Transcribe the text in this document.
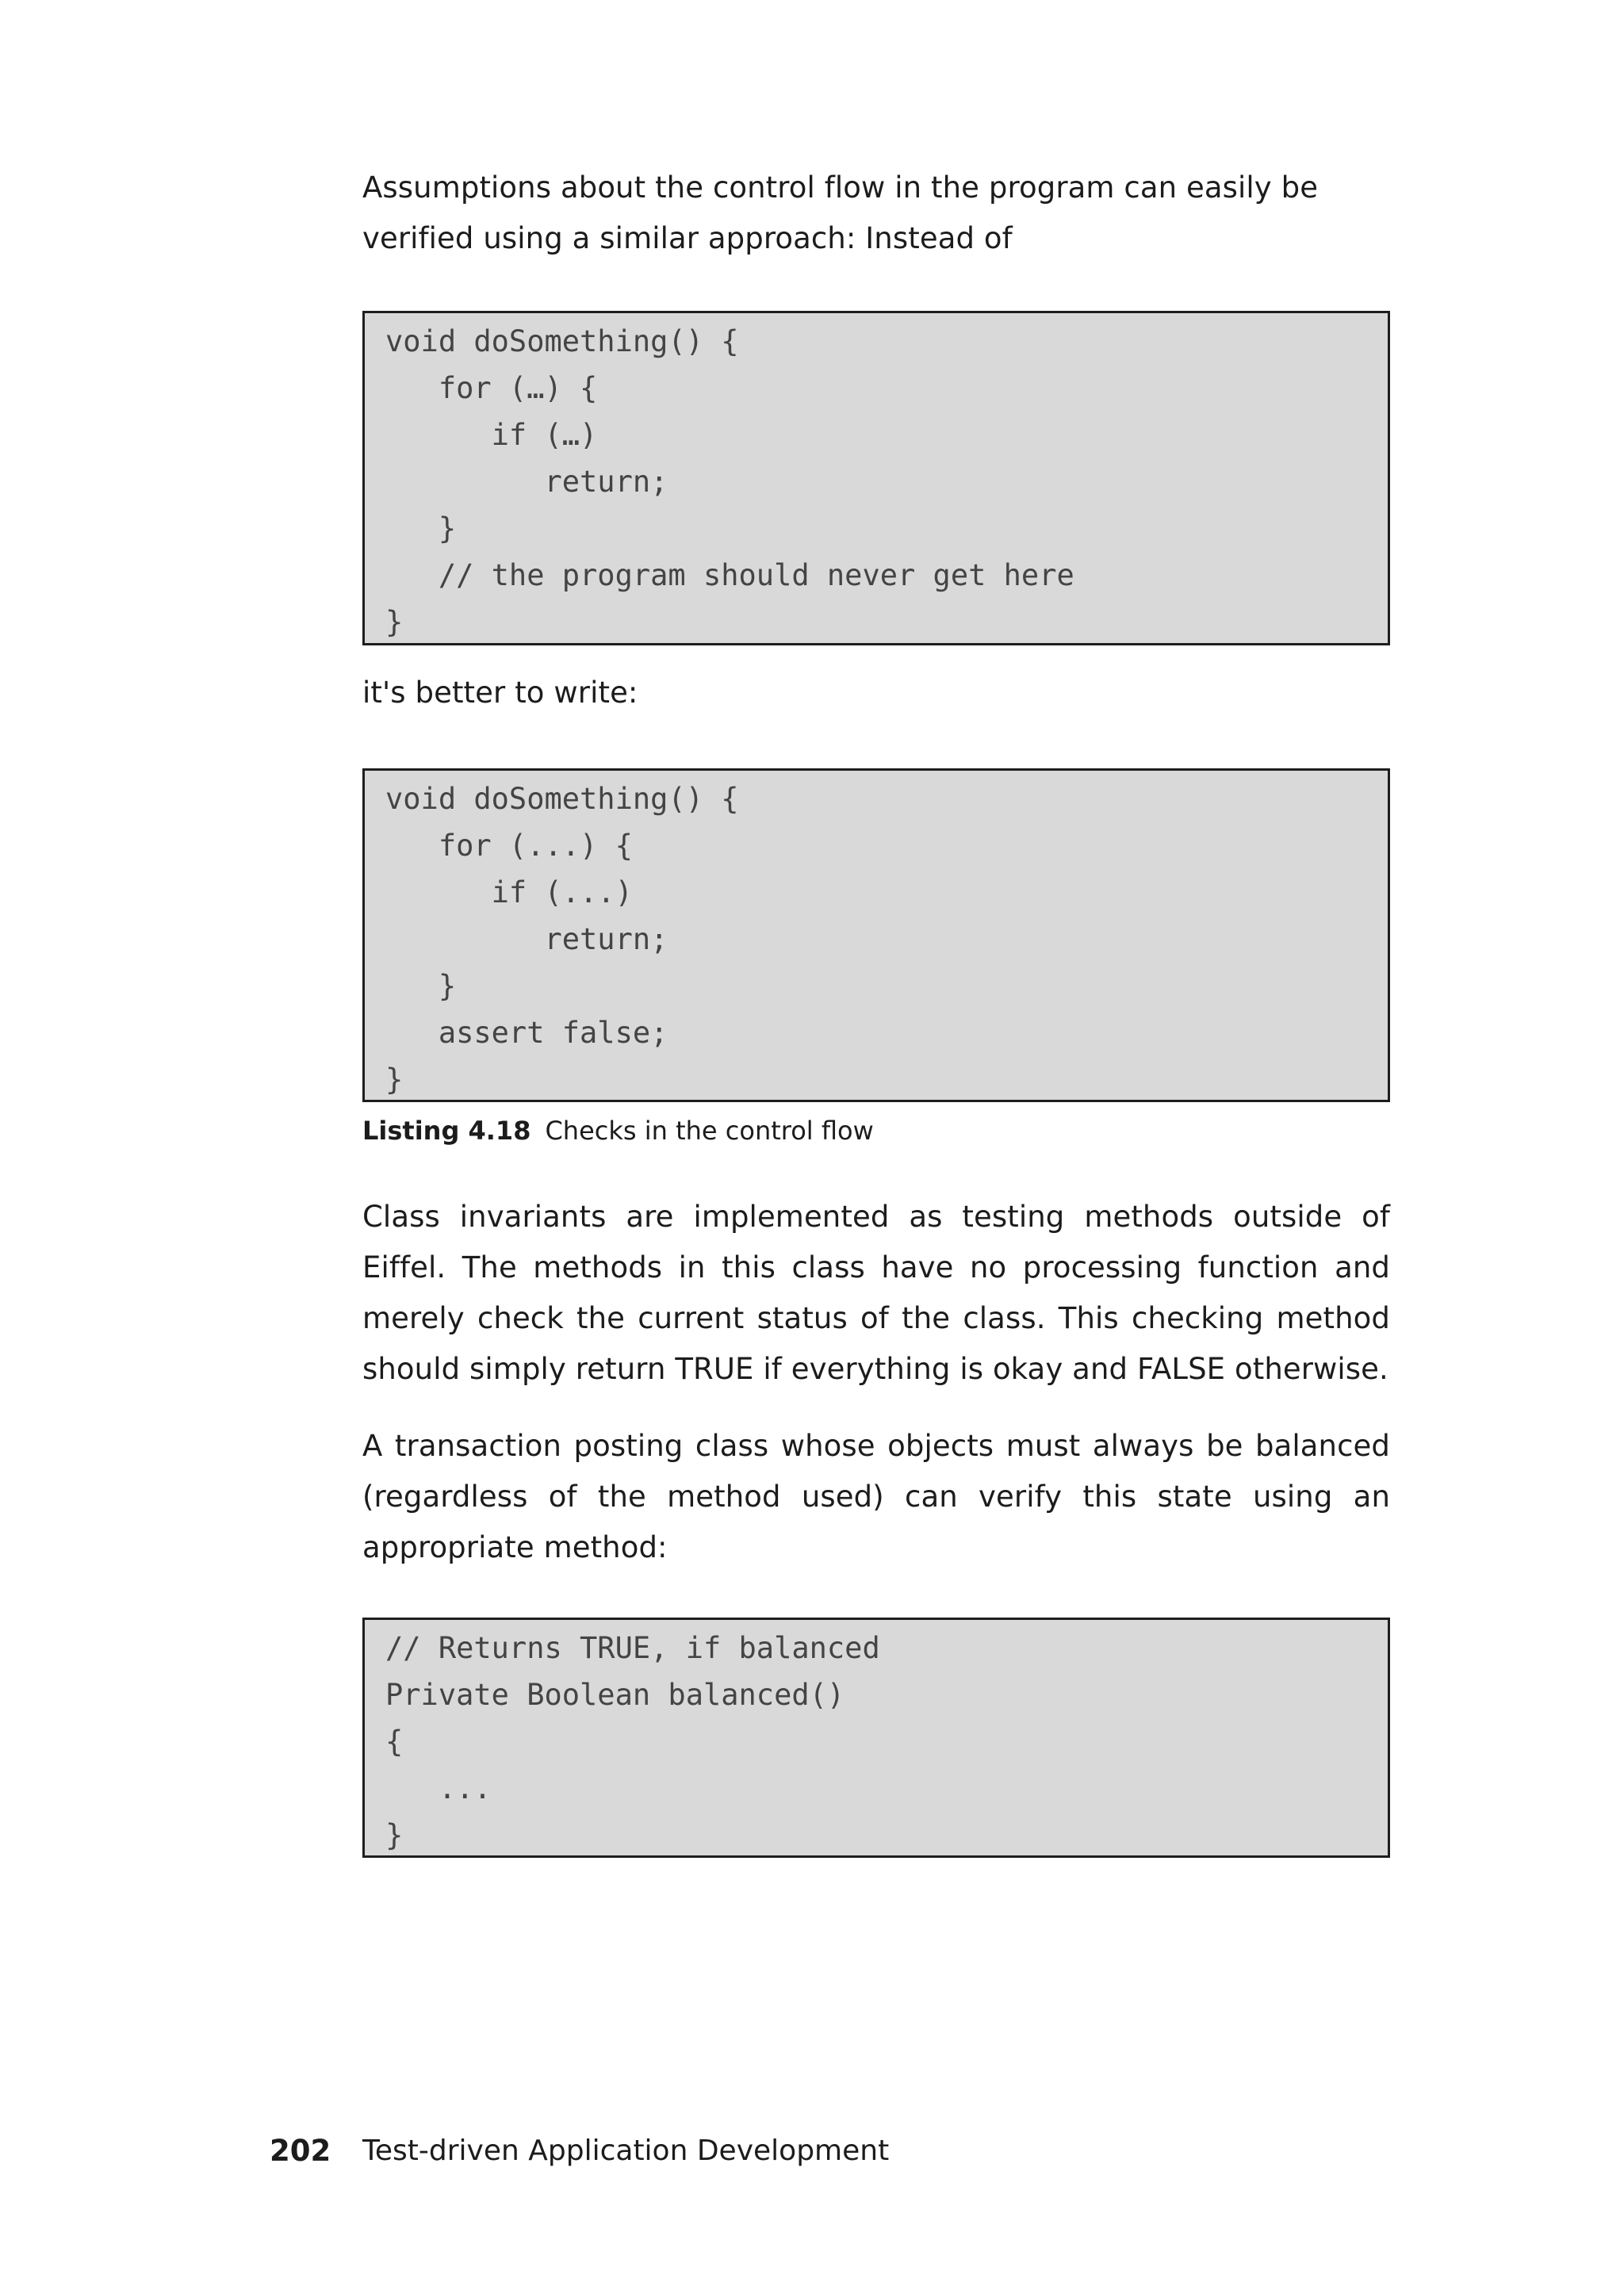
Assumptions about the control flow in the program can easily be verified using a similar approach: Instead of

void doSomething() {
for (…) {
if (…)
return;
}
// the program should never get here
}

it's better to write:

void doSomething() {
for (...) {
if (...)
return;
}
assert false;
}
Listing 4.18 Checks in the control flow

Class invariants are implemented as testing methods outside of Eiffel. The methods in this class have no processing function and merely check the current status of the class. This checking method should simply return TRUE if everything is okay and FALSE otherwise.

A transaction posting class whose objects must always be balanced (regardless of the method used) can verify this state using an appropriate method:

// Returns TRUE, if balanced
Private Boolean balanced()
{
...
}
202 Test-driven Application Development
